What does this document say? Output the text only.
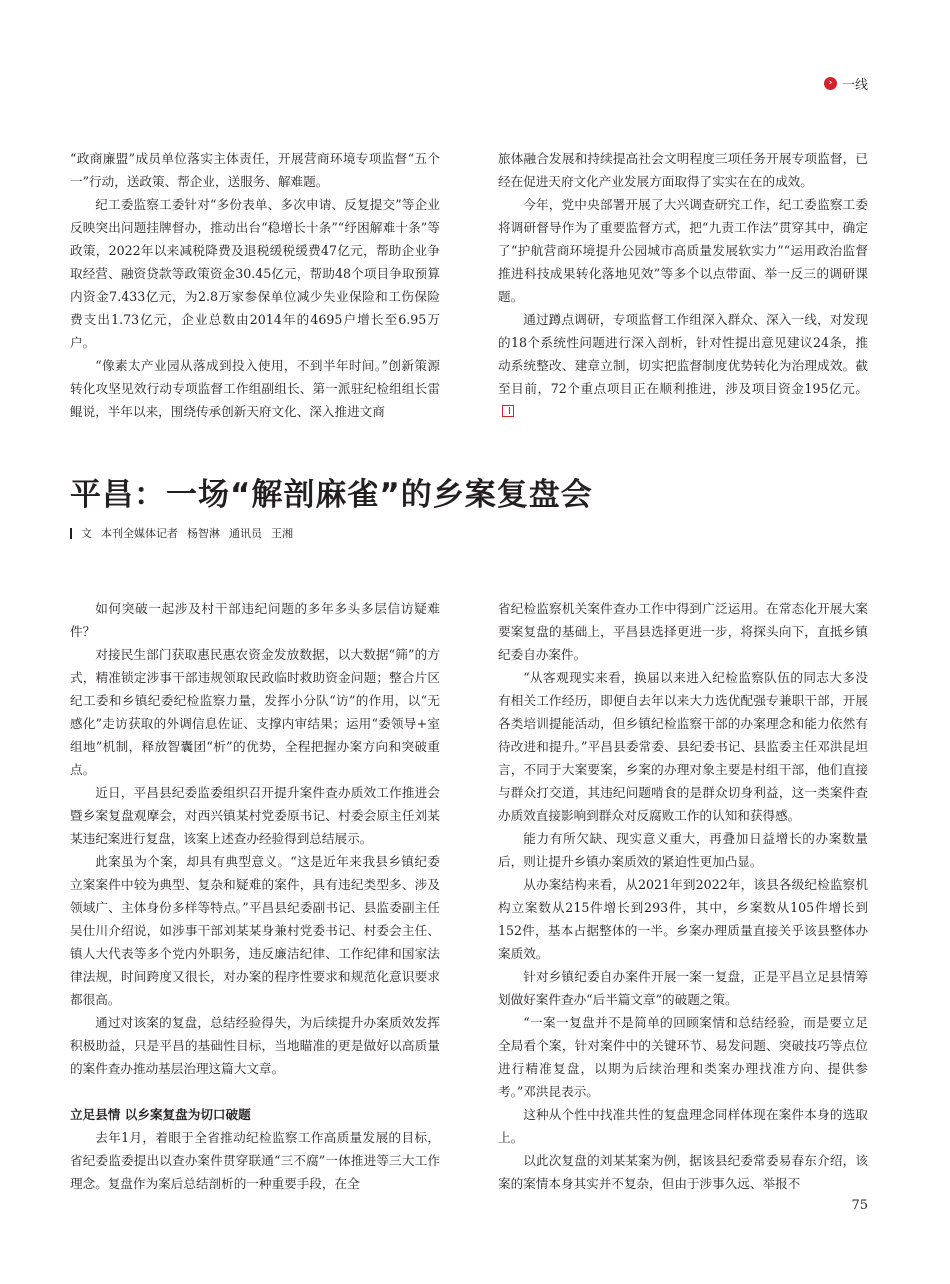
› 一线

“政商廉盟”成员单位落实主体责任，开展营商环境专项监督“五个一”行动，送政策、帮企业，送服务、解难题。

纪工委监察工委针对“多份表单、多次申请、反复提交”等企业反映突出问题挂牌督办，推动出台“稳增长十条”“纾困解难十条”等政策，2022年以来减税降费及退税缓税缓费47亿元，帮助企业争取经营、融资贷款等政策资金30.45亿元，帮助48个项目争取预算内资金7.433亿元，为2.8万家参保单位减少失业保险和工伤保险费支出1.73亿元，企业总数由2014年的4695户增长至6.95万户。

“像素太产业园从落成到投入使用，不到半年时间。”创新策源转化攻坚见效行动专项监督工作组副组长、第一派驻纪检组组长雷鲲说，半年以来，围绕传承创新天府文化、深入推进文商

旅体融合发展和持续提高社会文明程度三项任务开展专项监督，已经在促进天府文化产业发展方面取得了实实在在的成效。

今年，党中央部署开展了大兴调查研究工作，纪工委监察工委将调研督导作为了重要监督方式，把“九责工作法”贯穿其中，确定了“护航营商环境提升公园城市高质量发展软实力”“运用政治监督推进科技成果转化落地见效”等多个以点带面、举一反三的调研课题。

通过蹲点调研，专项监督工作组深入群众、深入一线，对发现的18个系统性问题进行深入剖析，针对性提出意见建议24条，推动系统整改、建章立制，切实把监督制度优势转化为治理成效。截至目前，72个重点项目正在顺利推进，涉及项目资金195亿元。

平昌：一场“解剖麻雀”的乡案复盘会
文 本刊全媒体记者 杨智淋 通讯员 王湘

如何突破一起涉及村干部违纪问题的多年多头多层信访疑难件？

对接民生部门获取惠民惠农资金发放数据，以大数据“筛”的方式，精准锁定涉事干部违规领取民政临时救助资金问题；整合片区纪工委和乡镇纪委纪检监察力量，发挥小分队“访”的作用，以“无感化”走访获取的外调信息佐证、支撑内审结果；运用“委领导+室组地”机制，释放智囊团“析”的优势，全程把握办案方向和突破重点。

近日，平昌县纪委监委组织召开提升案件查办质效工作推进会暨乡案复盘观摩会，对西兴镇某村党委原书记、村委会原主任刘某某违纪案进行复盘，该案上述查办经验得到总结展示。

此案虽为个案，却具有典型意义。“这是近年来我县乡镇纪委立案案件中较为典型、复杂和疑难的案件，具有违纪类型多、涉及领域广、主体身份多样等特点。”平昌县纪委副书记、县监委副主任吴仕川介绍说，如涉事干部刘某某身兼村党委书记、村委会主任、镇人大代表等多个党内外职务，违反廉洁纪律、工作纪律和国家法律法规，时间跨度又很长，对办案的程序性要求和规范化意识要求都很高。

通过对该案的复盘，总结经验得失，为后续提升办案质效发挥积极助益，只是平昌的基础性目标，当地瞄准的更是做好以高质量的案件查办推动基层治理这篇大文章。

立足县情 以乡案复盘为切口破题

去年1月，着眼于全省推动纪检监察工作高质量发展的目标，省纪委监委提出以查办案件贯穿联通“三不腐”一体推进等三大工作理念。复盘作为案后总结剖析的一种重要手段，在全

省纪检监察机关案件查办工作中得到广泛运用。在常态化开展大案要案复盘的基础上，平昌县选择更进一步，将探头向下，直抵乡镇纪委自办案件。

“从客观现实来看，换届以来进入纪检监察队伍的同志大多没有相关工作经历，即便自去年以来大力选优配强专兼职干部，开展各类培训提能活动，但乡镇纪检监察干部的办案理念和能力依然有待改进和提升。”平昌县委常委、县纪委书记、县监委主任邓洪昆坦言，不同于大案要案，乡案的办理对象主要是村组干部，他们直接与群众打交道，其违纪问题啃食的是群众切身利益，这一类案件查办质效直接影响到群众对反腐败工作的认知和获得感。

能力有所欠缺、现实意义重大，再叠加日益增长的办案数量后，则让提升乡镇办案质效的紧迫性更加凸显。

从办案结构来看，从2021年到2022年，该县各级纪检监察机构立案数从215件增长到293件，其中，乡案数从105件增长到152件，基本占据整体的一半。乡案办理质量直接关乎该县整体办案质效。

针对乡镇纪委自办案件开展一案一复盘，正是平昌立足县情筹划做好案件查办“后半篇文章”的破题之策。

“一案一复盘并不是简单的回顾案情和总结经验，而是要立足全局看个案，针对案件中的关键环节、易发问题、突破技巧等点位进行精准复盘，以期为后续治理和类案办理找准方向、提供参考。”邓洪昆表示。

这种从个性中找准共性的复盘理念同样体现在案件本身的选取上。

以此次复盘的刘某某案为例，据该县纪委常委易春东介绍，该案的案情本身其实并不复杂，但由于涉事久远、举报不

75
